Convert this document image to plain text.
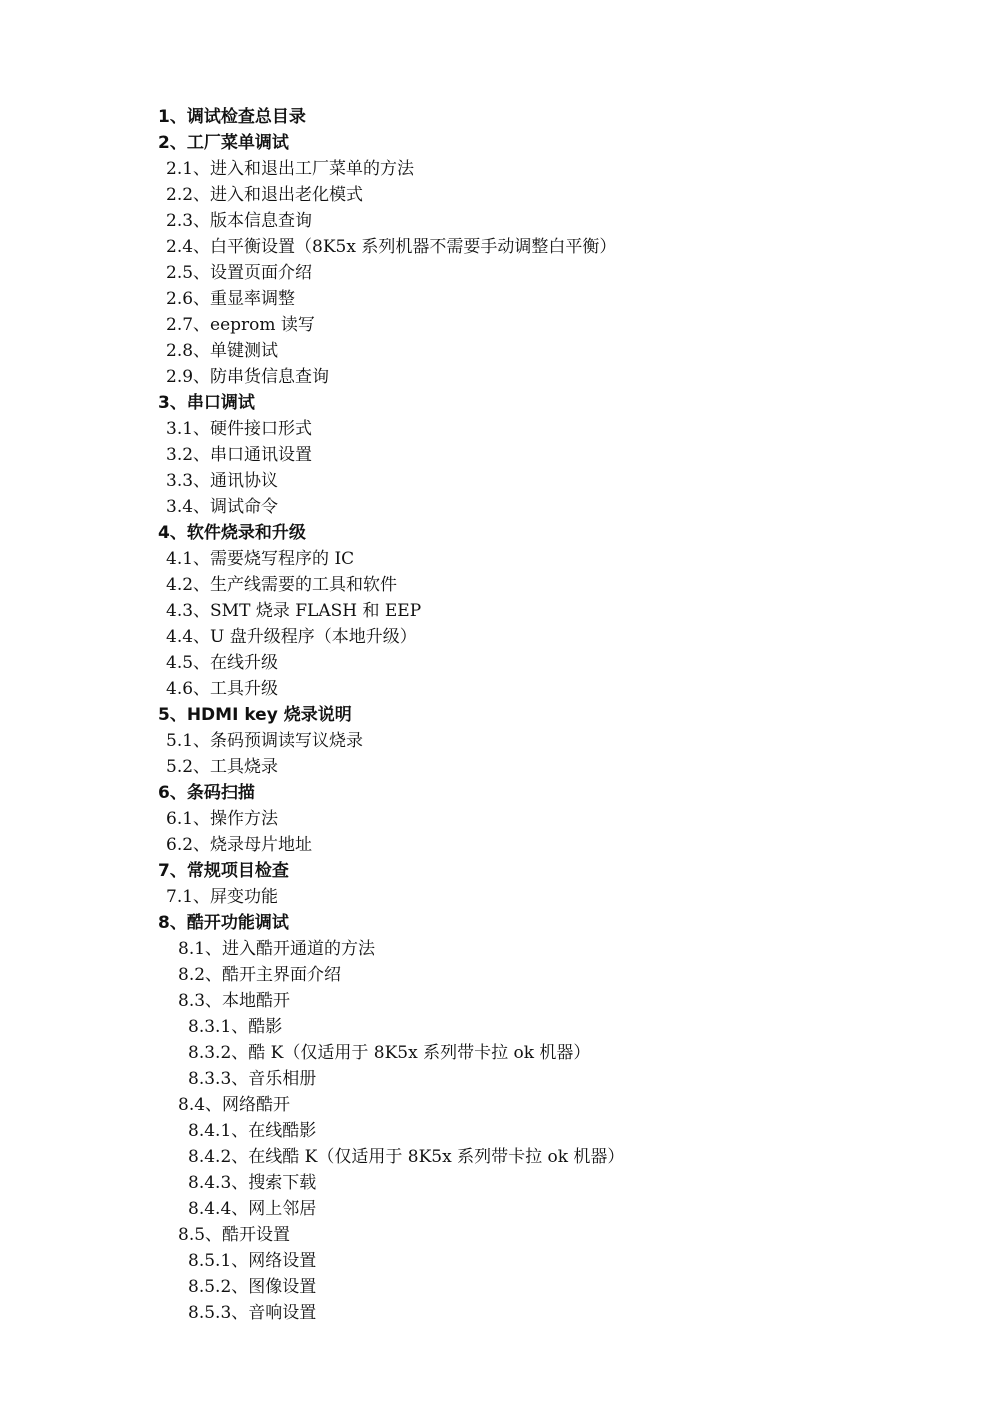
1、调试检查总目录
2、工厂菜单调试
2.1、进入和退出工厂菜单的方法
2.2、进入和退出老化模式
2.3、版本信息查询
2.4、白平衡设置（8K5x 系列机器不需要手动调整白平衡）
2.5、设置页面介绍
2.6、重显率调整
2.7、eeprom 读写
2.8、单键测试
2.9、防串货信息查询
3、串口调试
3.1、硬件接口形式
3.2、串口通讯设置
3.3、通讯协议
3.4、调试命令
4、软件烧录和升级
4.1、需要烧写程序的 IC
4.2、生产线需要的工具和软件
4.3、SMT 烧录 FLASH 和 EEP
4.4、U 盘升级程序（本地升级）
4.5、在线升级
4.6、工具升级
5、HDMI key 烧录说明
5.1、条码预调读写议烧录
5.2、工具烧录
6、条码扫描
6.1、操作方法
6.2、烧录母片地址
7、常规项目检查
7.1、屏变功能
8、酷开功能调试
8.1、进入酷开通道的方法
8.2、酷开主界面介绍
8.3、本地酷开
8.3.1、酷影
8.3.2、酷 K（仅适用于 8K5x 系列带卡拉 ok 机器）
8.3.3、音乐相册
8.4、网络酷开
8.4.1、在线酷影
8.4.2、在线酷 K（仅适用于 8K5x 系列带卡拉 ok 机器）
8.4.3、搜索下载
8.4.4、网上邻居
8.5、酷开设置
8.5.1、网络设置
8.5.2、图像设置
8.5.3、音响设置
